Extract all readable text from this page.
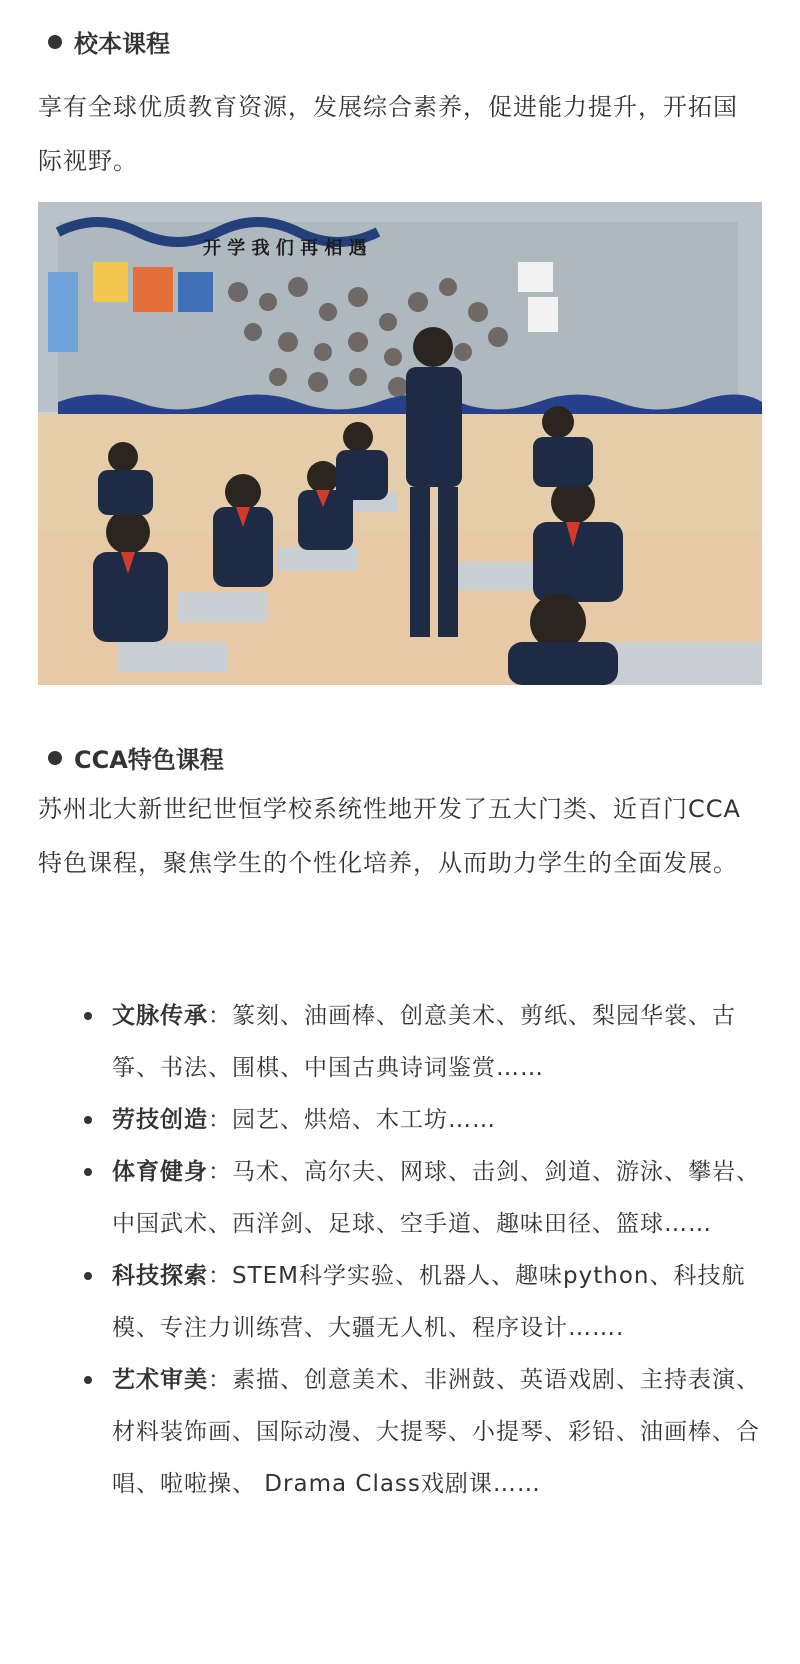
校本课程

享有全球优质教育资源，发展综合素养，促进能力提升，开拓国际视野。

开 学 我 们 再 相 遇
CCA特色课程

苏州北大新世纪世恒学校系统性地开发了五大门类、近百门CCA特色课程，聚焦学生的个性化培养，从而助力学生的全面发展。

文脉传承：篆刻、油画棒、创意美术、剪纸、梨园华裳、古筝、书法、围棋、中国古典诗词鉴赏……
劳技创造：园艺、烘焙、木工坊……
体育健身：马术、高尔夫、网球、击剑、剑道、游泳、攀岩、中国武术、西洋剑、足球、空手道、趣味田径、篮球……
科技探索：STEM科学实验、机器人、趣味python、科技航模、专注力训练营、大疆无人机、程序设计…….
艺术审美：素描、创意美术、非洲鼓、英语戏剧、主持表演、材料装饰画、国际动漫、大提琴、小提琴、彩铅、油画棒、合唱、啦啦操、 Drama Class戏剧课……
